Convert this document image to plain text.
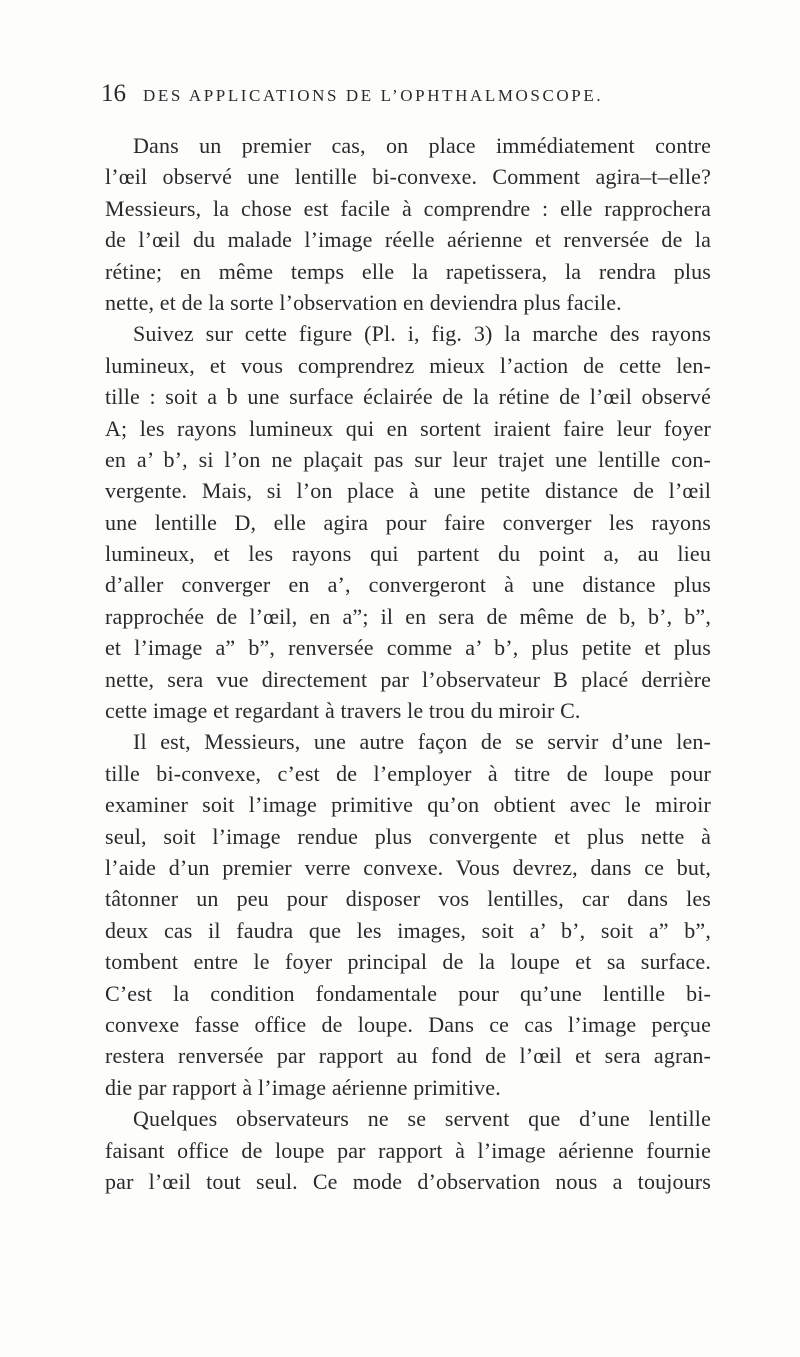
16 DES APPLICATIONS DE L’OPHTHALMOSCOPE.
Dans un premier cas, on place immédiatement contre
l’œil observé une lentille bi-convexe. Comment agira–t–elle?
Messieurs, la chose est facile à comprendre : elle rapprochera
de l’œil du malade l’image réelle aérienne et renversée de la
rétine; en même temps elle la rapetissera, la rendra plus
nette, et de la sorte l’observation en deviendra plus facile.
Suivez sur cette figure (Pl. i, fig. 3) la marche des rayons
lumineux, et vous comprendrez mieux l’action de cette len-
tille : soit a b une surface éclairée de la rétine de l’œil observé
A; les rayons lumineux qui en sortent iraient faire leur foyer
en a’ b’, si l’on ne plaçait pas sur leur trajet une lentille con-
vergente. Mais, si l’on place à une petite distance de l’œil
une lentille D, elle agira pour faire converger les rayons
lumineux, et les rayons qui partent du point a, au lieu
d’aller converger en a’, convergeront à une distance plus
rapprochée de l’œil, en a”; il en sera de même de b, b’, b”,
et l’image a” b”, renversée comme a’ b’, plus petite et plus
nette, sera vue directement par l’observateur B placé derrière
cette image et regardant à travers le trou du miroir C.
Il est, Messieurs, une autre façon de se servir d’une len-
tille bi-convexe, c’est de l’employer à titre de loupe pour
examiner soit l’image primitive qu’on obtient avec le miroir
seul, soit l’image rendue plus convergente et plus nette à
l’aide d’un premier verre convexe. Vous devrez, dans ce but,
tâtonner un peu pour disposer vos lentilles, car dans les
deux cas il faudra que les images, soit a’ b’, soit a” b”,
tombent entre le foyer principal de la loupe et sa surface.
C’est la condition fondamentale pour qu’une lentille bi-
convexe fasse office de loupe. Dans ce cas l’image perçue
restera renversée par rapport au fond de l’œil et sera agran-
die par rapport à l’image aérienne primitive.
Quelques observateurs ne se servent que d’une lentille
faisant office de loupe par rapport à l’image aérienne fournie
par l’œil tout seul. Ce mode d’observation nous a toujours
